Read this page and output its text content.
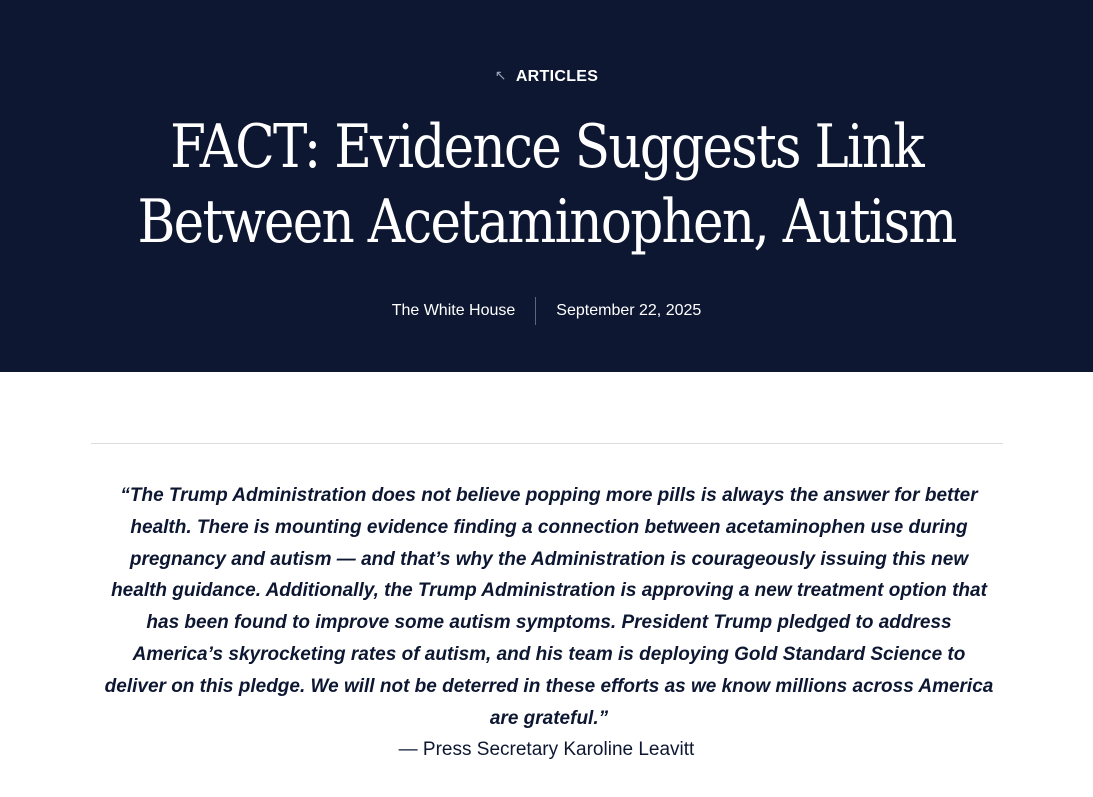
↖ ARTICLES
FACT: Evidence Suggests Link
Between Acetaminophen, Autism
The White House	September 22, 2025

“The Trump Administration does not believe popping more pills is always the answer for better health. There is mounting evidence finding a connection between acetaminophen use during pregnancy and autism — and that’s why the Administration is courageously issuing this new health guidance. Additionally, the Trump Administration is approving a new treatment option that has been found to improve some autism symptoms. President Trump pledged to address America’s skyrocketing rates of autism, and his team is deploying Gold Standard Science to deliver on this pledge. We will not be deterred in these efforts as we know millions across America are grateful.”

— Press Secretary Karoline Leavitt
